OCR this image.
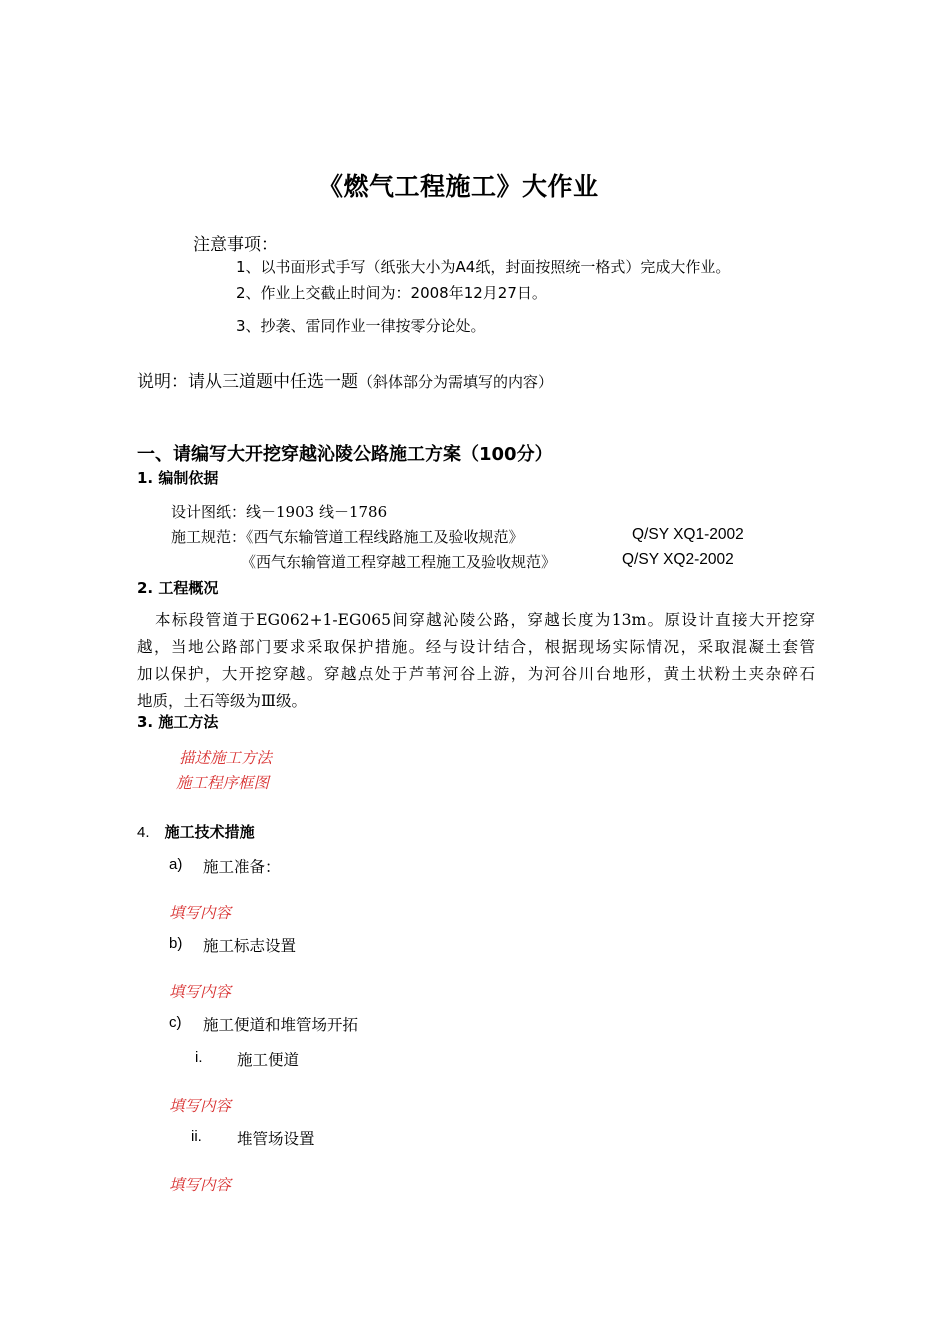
《燃气工程施工》大作业
注意事项：
1、以书面形式手写（纸张大小为A4纸，封面按照统一格式）完成大作业。
2、作业上交截止时间为：2008年12月27日。
3、抄袭、雷同作业一律按零分论处。
说明：请从三道题中任选一题（斜体部分为需填写的内容）
一、请编写大开挖穿越沁陵公路施工方案（100分）
1. 编制依据
设计图纸：线－1903 线－1786
施工规范：《西气东输管道工程线路施工及验收规范》	Q/SY XQ1-2002
《西气东输管道工程穿越工程施工及验收规范》	Q/SY XQ2-2002
2. 工程概况
本标段管道于EG062+1-EG065间穿越沁陵公路，穿越长度为13m。原设计直接大开挖穿
越，当地公路部门要求采取保护措施。经与设计结合，根据现场实际情况，采取混凝土套管
加以保护，大开挖穿越。穿越点处于芦苇河谷上游，为河谷川台地形，黄土状粉土夹杂碎石
地质，土石等级为Ⅲ级。
3. 施工方法
描述施工方法
施工程序框图
4. 施工技术措施
a) 施工准备：
填写内容
b) 施工标志设置
填写内容
c) 施工便道和堆管场开拓
i. 施工便道
填写内容
ii. 堆管场设置
填写内容
